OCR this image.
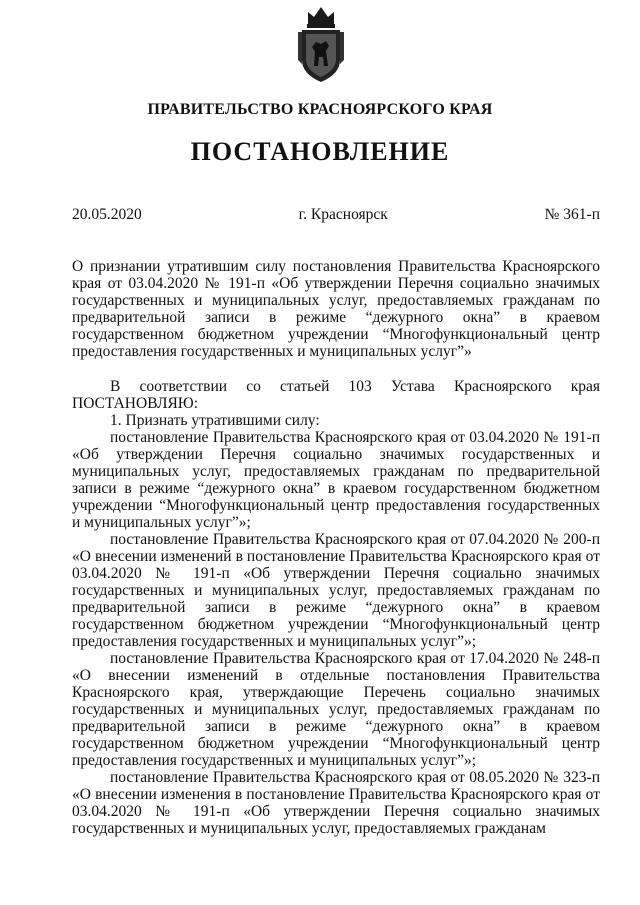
ПРАВИТЕЛЬСТВО КРАСНОЯРСКОГО КРАЯ
ПОСТАНОВЛЕНИЕ
20.05.2020	г. Красноярск	№ 361-п
О признании утратившим силу постановления Правительства Красноярского края от 03.04.2020 № 191-п «Об утверждении Перечня социально значимых государственных и муниципальных услуг, предоставляемых гражданам по предварительной записи в режиме “дежурного окна” в краевом государственном бюджетном учреждении “Многофункциональный центр предоставления государственных и муниципальных услуг”»

В соответствии со статьей 103 Устава Красноярского края

ПОСТАНОВЛЯЮ:

1. Признать утратившими силу:

постановление Правительства Красноярского края от 03.04.2020 № 191-п «Об утверждении Перечня социально значимых государственных и муниципальных услуг, предоставляемых гражданам по предварительной записи в режиме “дежурного окна” в краевом государственном бюджетном учреждении “Многофункциональный центр предоставления государственных и муниципальных услуг”»;

постановление Правительства Красноярского края от 07.04.2020 № 200-п «О внесении изменений в постановление Правительства Красноярского края от 03.04.2020 № 191-п «Об утверждении Перечня социально значимых государственных и муниципальных услуг, предоставляемых гражданам по предварительной записи в режиме “дежурного окна” в краевом государственном бюджетном учреждении “Многофункциональный центр предоставления государственных и муниципальных услуг”»;

постановление Правительства Красноярского края от 17.04.2020 № 248-п «О внесении изменений в отдельные постановления Правительства Красноярского края, утверждающие Перечень социально значимых государственных и муниципальных услуг, предоставляемых гражданам по предварительной записи в режиме “дежурного окна” в краевом государственном бюджетном учреждении “Многофункциональный центр предоставления государственных и муниципальных услуг”»;

постановление Правительства Красноярского края от 08.05.2020 № 323-п «О внесении изменения в постановление Правительства Красноярского края от 03.04.2020 № 191-п «Об утверждении Перечня социально значимых государственных и муниципальных услуг, предоставляемых гражданам
